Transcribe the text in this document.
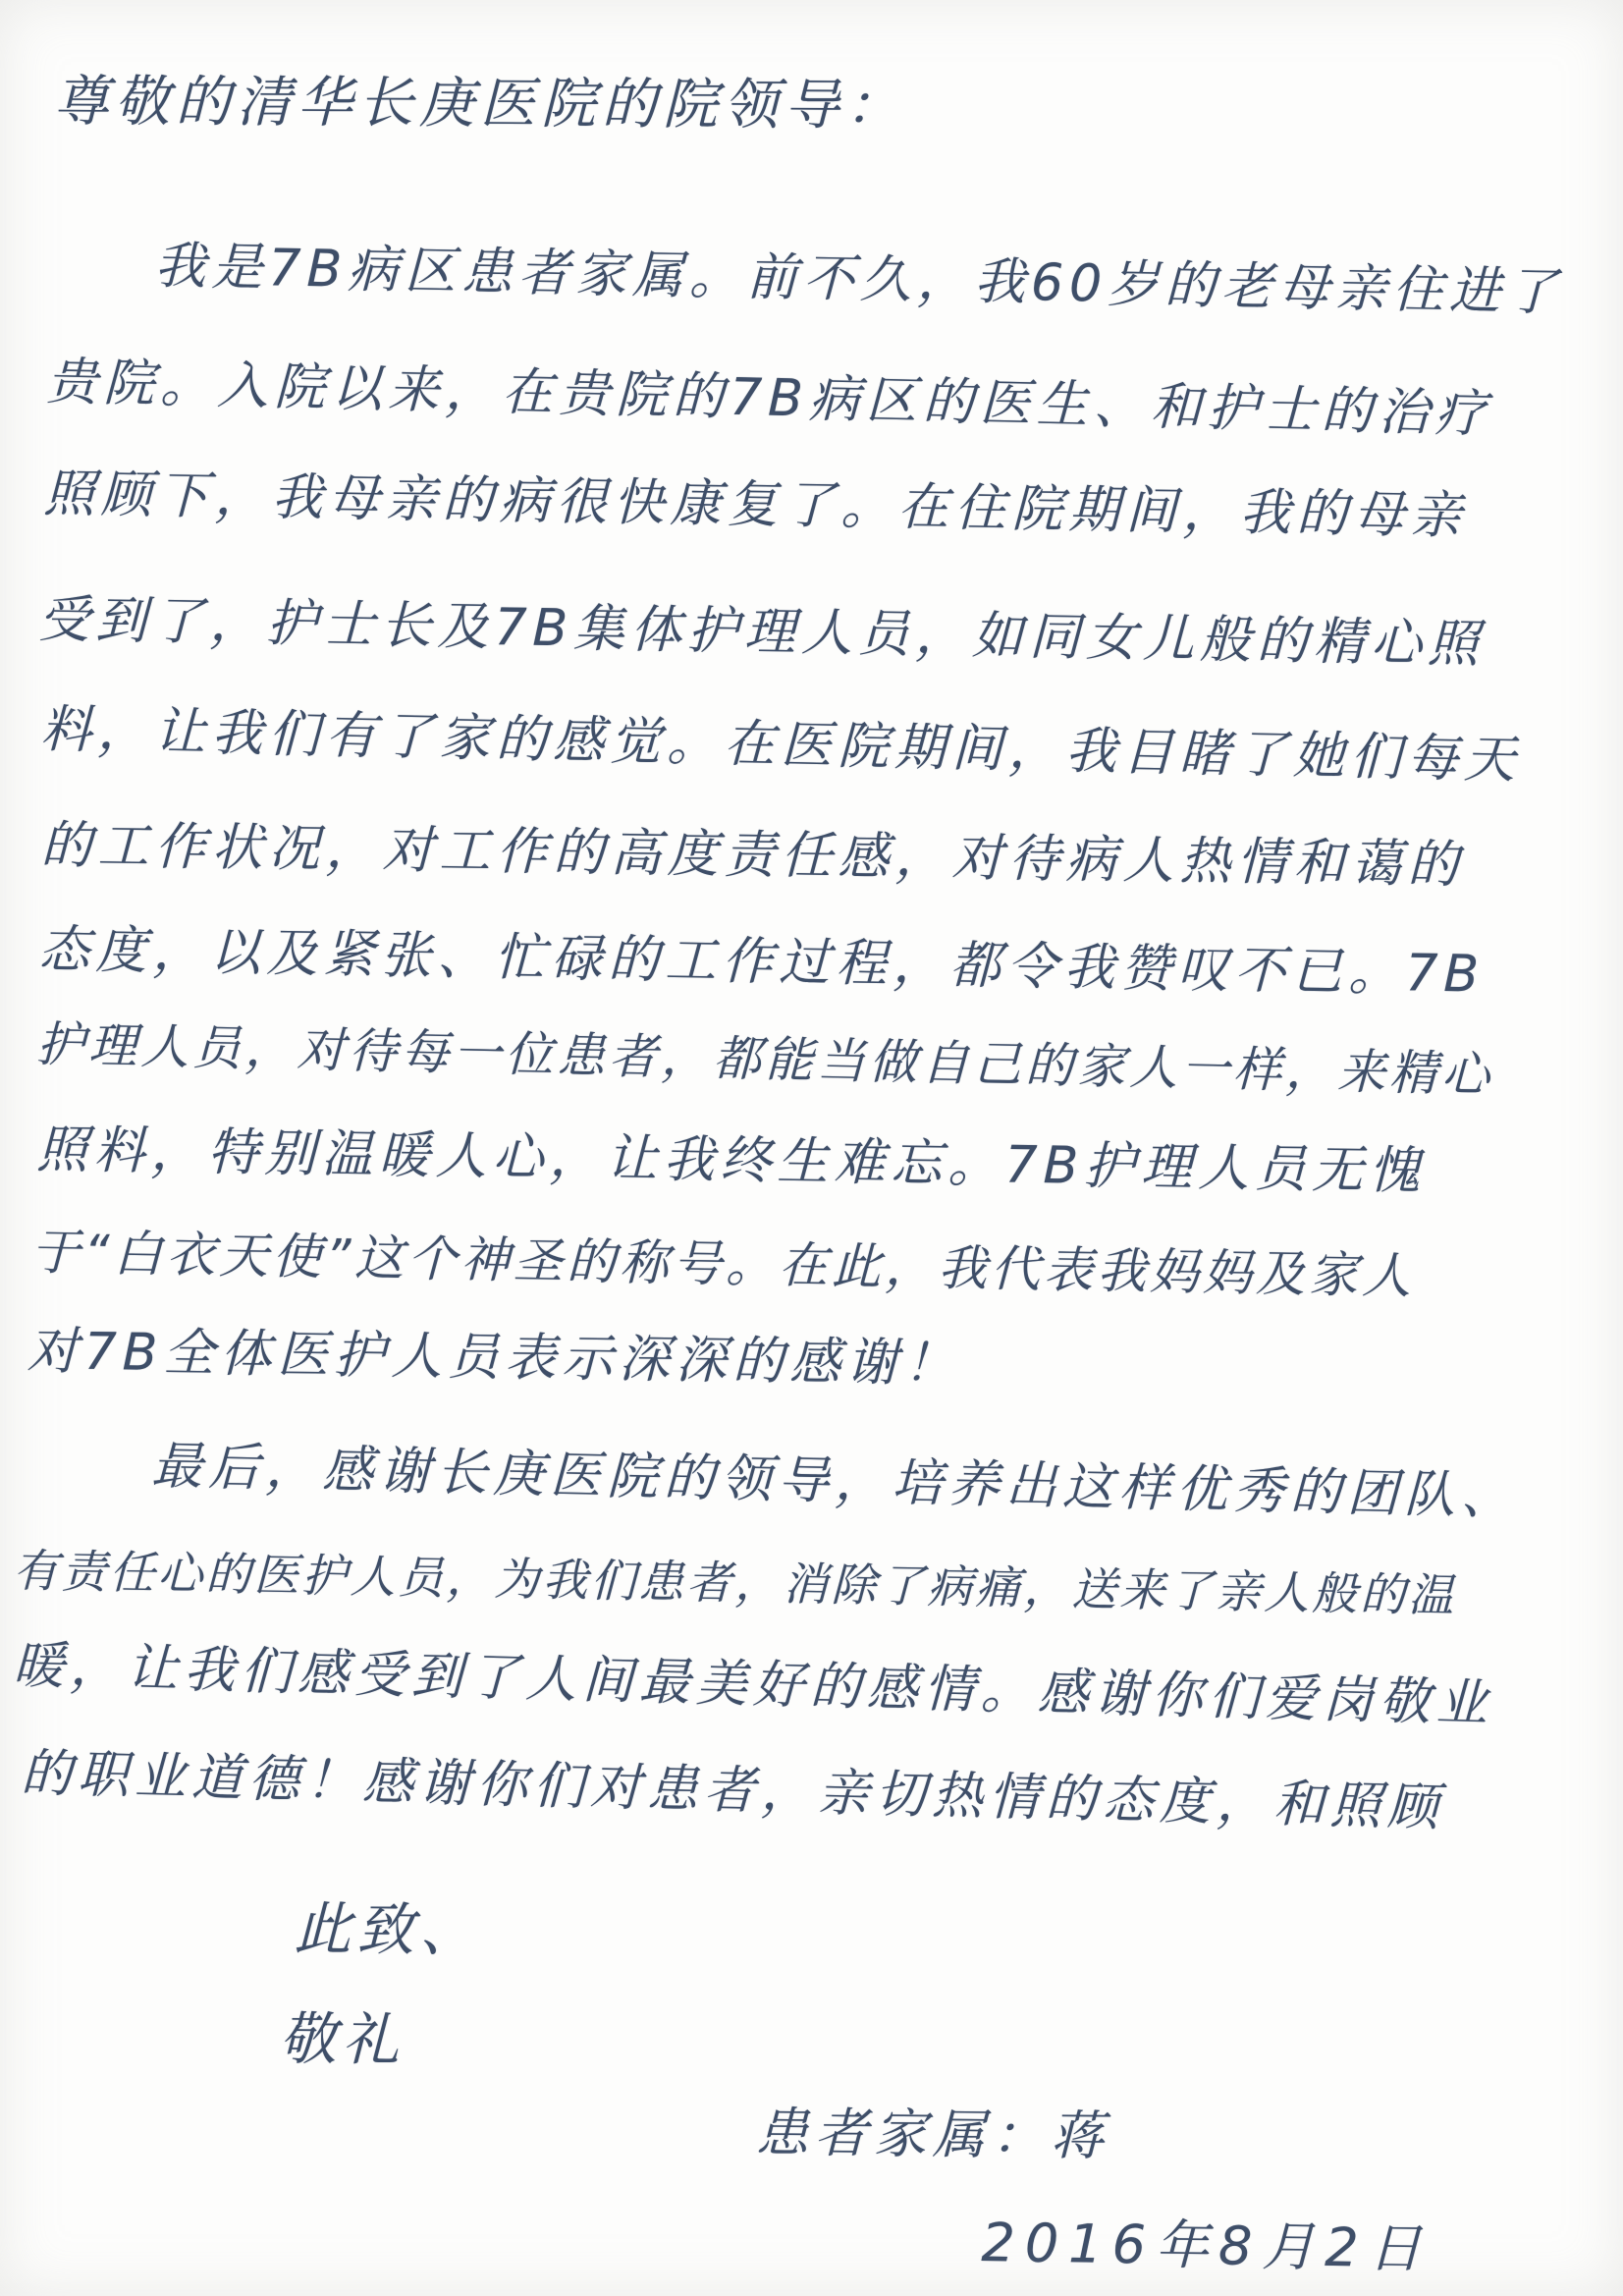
尊敬的清华长庚医院的院领导：
我是7B病区患者家属。前不久，我60岁的老母亲住进了
贵院。入院以来，在贵院的7B病区的医生、和护士的治疗
照顾下，我母亲的病很快康复了。在住院期间，我的母亲
受到了，护士长及7B集体护理人员，如同女儿般的精心照
料，让我们有了家的感觉。在医院期间，我目睹了她们每天
的工作状况，对工作的高度责任感，对待病人热情和蔼的
态度，以及紧张、忙碌的工作过程，都令我赞叹不已。7B
护理人员，对待每一位患者，都能当做自己的家人一样，来精心
照料，特别温暖人心，让我终生难忘。7B护理人员无愧
于“白衣天使”这个神圣的称号。在此，我代表我妈妈及家人
对7B全体医护人员表示深深的感谢！
最后，感谢长庚医院的领导，培养出这样优秀的团队、
有责任心的医护人员，为我们患者，消除了病痛，送来了亲人般的温
暖，让我们感受到了人间最美好的感情。感谢你们爱岗敬业
的职业道德！感谢你们对患者，亲切热情的态度，和照顾
此致、
敬礼
患者家属：蒋
2016年8月2日
